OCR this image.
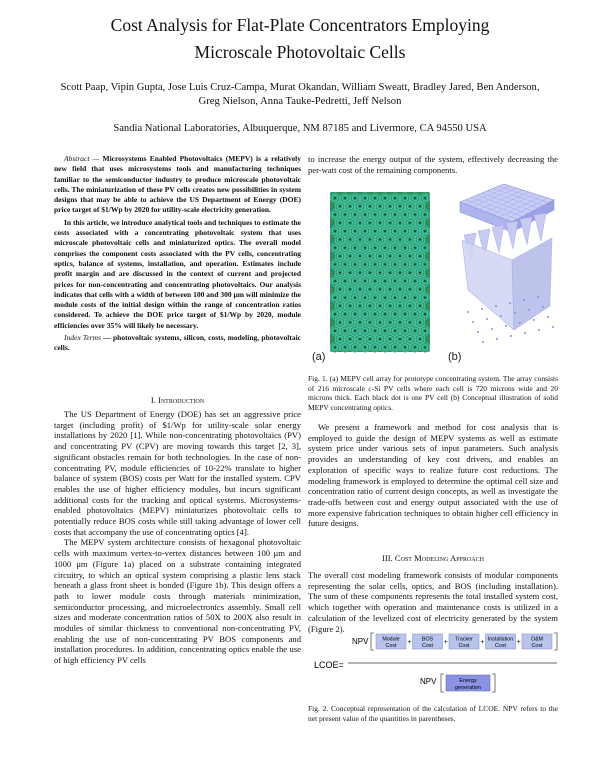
Cost Analysis for Flat-Plate Concentrators Employing
Microscale Photovoltaic Cells
Scott Paap, Vipin Gupta, Jose Luis Cruz-Campa, Murat Okandan, William Sweatt, Bradley Jared, Ben Anderson,
Greg Nielson, Anna Tauke-Pedretti, Jeff Nelson
Sandia National Laboratories, Albuquerque, NM 87185 and Livermore, CA 94550 USA

Abstract — Microsystems Enabled Photovoltaics (MEPV) is a relatively new field that uses microsystems tools and manufacturing techniques familiar to the semiconductor industry to produce microscale photovoltaic cells. The miniaturization of these PV cells creates new possibilities in system designs that may be able to achieve the US Department of Energy (DOE) price target of $1/Wp by 2020 for utility-scale electricity generation.

In this article, we introduce analytical tools and techniques to estimate the costs associated with a concentrating photovoltaic system that uses microscale photovoltaic cells and miniaturized optics. The overall model comprises the component costs associated with the PV cells, concentrating optics, balance of systems, installation, and operation. Estimates include profit margin and are discussed in the context of current and projected prices for non-concentrating and concentrating photovoltaics. Our analysis indicates that cells with a width of between 100 and 300 μm will minimize the module costs of the initial design within the range of concentration ratios considered. To achieve the DOE price target of $1/Wp by 2020, module efficiencies over 35% will likely be necessary.

Index Terms — photovoltaic systems, silicon, costs, modeling, photovoltaic cells.

I. Introduction

The US Department of Energy (DOE) has set an aggressive price target (including profit) of $1/Wp for utility-scale solar energy installations by 2020 [1]. While non-concentrating photovoltaics (PV) and concentrating PV (CPV) are moving towards this target [2, 3], significant obstacles remain for both technologies. In the case of non-concentrating PV, module efficiencies of 10-22% translate to higher balance of system (BOS) costs per Watt for the installed system. CPV enables the use of higher efficiency modules, but incurs significant additional costs for the tracking and optical systems. Microsystems-enabled photovoltaics (MEPV) miniaturizes photovoltaic cells to potentially reduce BOS costs while still taking advantage of lower cell costs that accompany the use of concentrating optics [4].

The MEPV system architecture consists of hexagonal photovoltaic cells with maximum vertex-to-vertex distances between 100 μm and 1000 μm (Figure 1a) placed on a substrate containing integrated circuitry, to which an optical system comprising a plastic lens stack beneath a glass front sheet is bonded (Figure 1b). This design offers a path to lower module costs through materials minimization, semiconductor processing, and microelectronics assembly. Small cell sizes and moderate concentration ratios of 50X to 200X also result in modules of similar thickness to conventional non-concentrating PV, enabling the use of non-concentrating PV BOS components and installation procedures. In addition, concentrating optics enable the use of high efficiency PV cells

to increase the energy output of the system, effectively decreasing the per-watt cost of the remaining components.
(a)	(b)
Fig. 1. (a) MEPV cell array for prototype concentrating system. The array consists of 216 microscale c-Si PV cells where each cell is 720 microns wide and 20 microns thick. Each black dot is one PV cell (b) Conceptual illustration of solid MEPV concentrating optics.

We present a framework and method for cost analysis that is employed to guide the design of MEPV systems as well as estimate system price under various sets of input parameters. Such analysis provides an understanding of key cost drivers, and enables an exploration of specific ways to realize future cost reductions. The modeling framework is employed to determine the optimal cell size and concentration ratio of current design concepts, as well as investigate the trade-offs between cost and energy output associated with the use of more expensive fabrication techniques to obtain higher cell efficiency in future designs.

III. Cost Modeling Approach
The overall cost modeling framework consists of modular components representing the solar cells, optics, and BOS (including installation). The sum of these components represents the total installed system cost, which together with operation and maintenance costs is utilized in a calculation of the levelized cost of electricity generated by the system (Figure 2).
LCOE=
NPV	Module
Cost + BOS
Cost + Tracker
Cost + Installation
Cost + O&M
Cost
NPV	Energy
generation
Fig. 2. Conceptual representation of the calculation of LCOE. NPV refers to the net present value of the quantities in parentheses.
